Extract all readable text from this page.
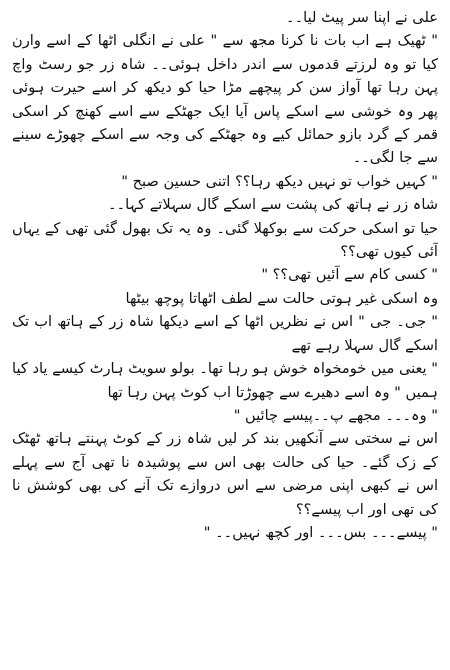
علی نے اپنا سر پیٹ لیا۔۔

" ٹھیک ہے اب بات نا کرنا مجھ سے " علی نے انگلی اٹھا کے اسے وارن کیا تو وہ لرزتے قدموں سے اندر داخل ہوئی۔۔ شاہ زر جو رسٹ واچ پہن رہا تھا آواز سن کر پیچھے مڑا حیا کو دیکھ کر اسے حیرت ہوئی پھر وہ خوشی سے اسکے پاس آیا ایک جھٹکے سے اسے کھنچ کر اسکی قمر کے گرد بازو حمائل کیے وہ جھٹکے کی وجہ سے اسکے چھوڑے سینے سے جا لگی۔۔

" کہیں خواب تو نہیں دیکھ رہا؟؟ اتنی حسین صبح "

شاہ زر نے ہاتھ کی پشت سے اسکے گال سہلاتے کہا۔۔

حیا تو اسکی حرکت سے بوکھلا گئی۔ وہ یہ تک بھول گئی تھی کے یہاں آئی کیوں تھی؟؟

" کسی کام سے آئیں تھی؟؟ "

وہ اسکی غیر ہوتی حالت سے لطف اٹھاتا پوچھ بیٹھا

" جی۔ جی " اس نے نظریں اٹھا کے اسے دیکھا شاہ زر کے ہاتھ اب تک اسکے گال سہلا رہے تھے

" یعنی میں خومخواہ خوش ہو رہا تھا۔ بولو سویٹ ہارٹ کیسے یاد کیا ہمیں " وہ اسے دھیرے سے چھوڑتا اب کوٹ پہن رہا تھا

" وہ۔۔۔ مجھے پ۔۔پیسے چائیں "

اس نے سختی سے آنکھیں بند کر لیں شاہ زر کے کوٹ پہنتے ہاتھ ٹھٹک کے زک گئے۔ حیا کی حالت بھی اس سے پوشیدہ نا تھی آج سے پہلے اس نے کبھی اپنی مرضی سے اس دروازے تک آنے کی بھی کوشش نا کی تھی اور اب پیسے؟؟

" پیسے۔۔۔ بس۔۔۔ اور کچھ نہیں۔۔ "
